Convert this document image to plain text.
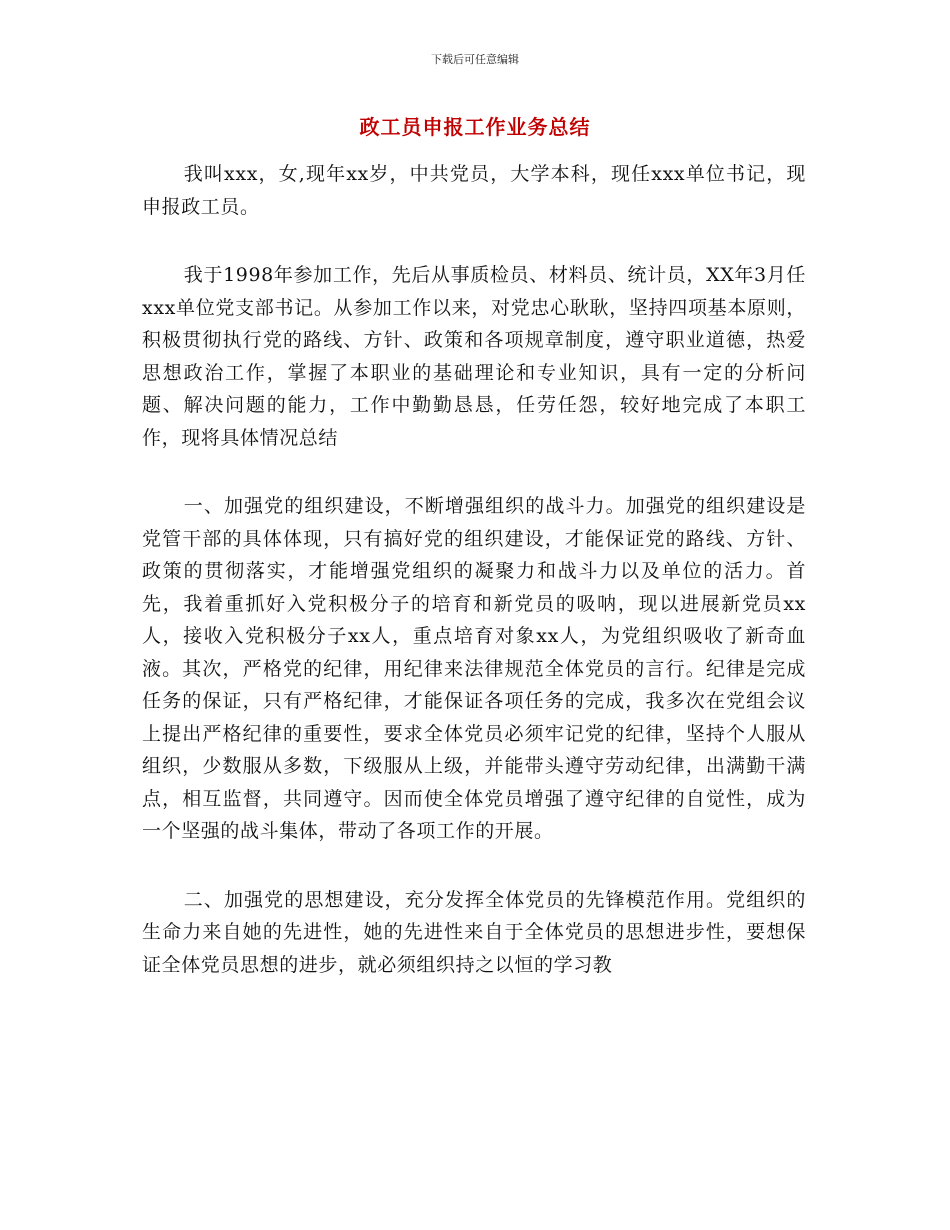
下载后可任意编辑
政工员申报工作业务总结

我叫xxx，女,现年xx岁，中共党员，大学本科，现任xxx单位书记，现申报政工员。

我于1998年参加工作，先后从事质检员、材料员、统计员，XX年3月任xxx单位党支部书记。从参加工作以来，对党忠心耿耿，坚持四项基本原则，积极贯彻执行党的路线、方针、政策和各项规章制度，遵守职业道德，热爱思想政治工作，掌握了本职业的基础理论和专业知识，具有一定的分析问题、解决问题的能力，工作中勤勤恳恳，任劳任怨，较好地完成了本职工作，现将具体情况总结

一、加强党的组织建设，不断增强组织的战斗力。加强党的组织建设是党管干部的具体体现，只有搞好党的组织建设，才能保证党的路线、方针、政策的贯彻落实，才能增强党组织的凝聚力和战斗力以及单位的活力。首先，我着重抓好入党积极分子的培育和新党员的吸呐，现以进展新党员xx人，接收入党积极分子xx人，重点培育对象xx人，为党组织吸收了新奇血液。其次，严格党的纪律，用纪律来法律规范全体党员的言行。纪律是完成任务的保证，只有严格纪律，才能保证各项任务的完成，我多次在党组会议上提出严格纪律的重要性，要求全体党员必须牢记党的纪律，坚持个人服从组织，少数服从多数，下级服从上级，并能带头遵守劳动纪律，出满勤干满点，相互监督，共同遵守。因而使全体党员增强了遵守纪律的自觉性，成为一个坚强的战斗集体，带动了各项工作的开展。

二、加强党的思想建设，充分发挥全体党员的先锋模范作用。党组织的生命力来自她的先进性，她的先进性来自于全体党员的思想进步性，要想保证全体党员思想的进步，就必须组织持之以恒的学习教
